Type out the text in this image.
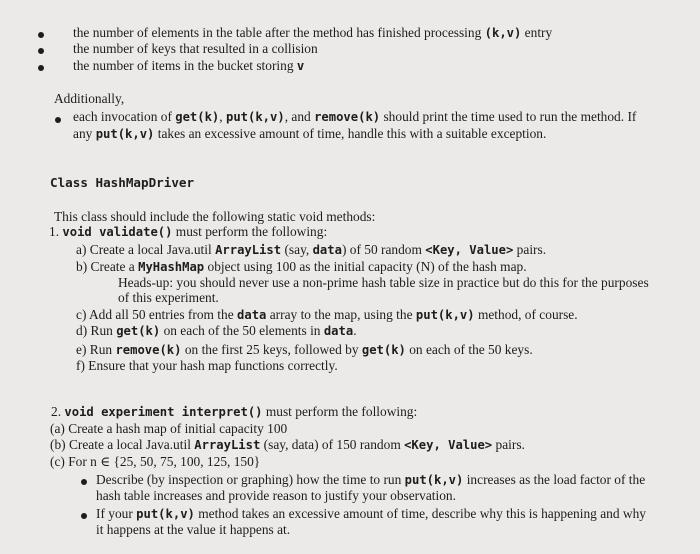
the number of elements in the table after the method has finished processing (k,v) entry
the number of keys that resulted in a collision
the number of items in the bucket storing v
Additionally,
each invocation of get(k), put(k,v), and remove(k) should print the time used to run the method. If
any put(k,v) takes an excessive amount of time, handle this with a suitable exception.
Class HashMapDriver
This class should include the following static void methods:
1. void validate() must perform the following:
a) Create a local Java.util ArrayList (say, data) of 50 random <Key, Value> pairs.
b) Create a MyHashMap object using 100 as the initial capacity (N) of the hash map.
Heads-up: you should never use a non-prime hash table size in practice but do this for the purposes
of this experiment.
c) Add all 50 entries from the data array to the map, using the put(k,v) method, of course.
d) Run get(k) on each of the 50 elements in data.
e) Run remove(k) on the first 25 keys, followed by get(k) on each of the 50 keys.
f) Ensure that your hash map functions correctly.
2. void experiment interpret() must perform the following:
(a) Create a hash map of initial capacity 100
(b) Create a local Java.util ArrayList (say, data) of 150 random <Key, Value> pairs.
(c) For n ∈ {25, 50, 75, 100, 125, 150}
Describe (by inspection or graphing) how the time to run put(k,v) increases as the load factor of the
hash table increases and provide reason to justify your observation.
If your put(k,v) method takes an excessive amount of time, describe why this is happening and why
it happens at the value it happens at.
